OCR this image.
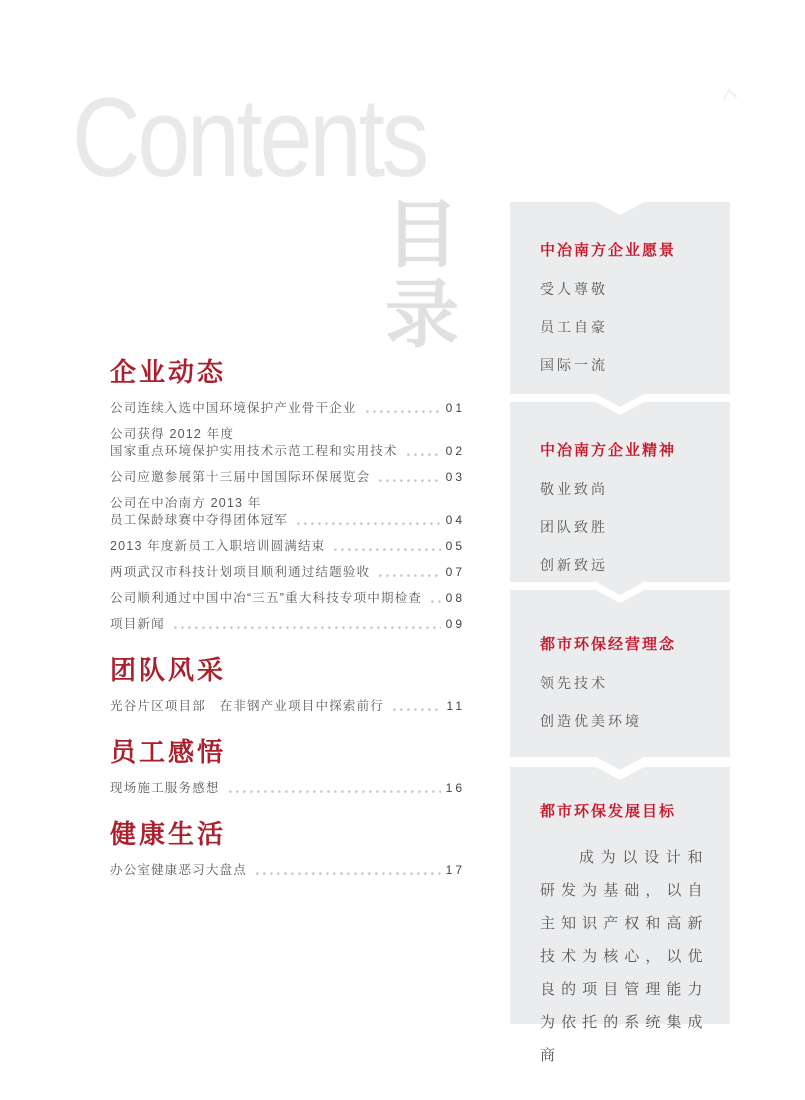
Contents
目录
企业动态
公司连续入选中国环境保护产业骨干企业	01
公司获得 2012 年度
国家重点环境保护实用技术示范工程和实用技术	02
公司应邀参展第十三届中国国际环保展览会	03
公司在中冶南方 2013 年
员工保龄球赛中夺得团体冠军	04
2013 年度新员工入职培训圆满结束	05
两项武汉市科技计划项目顺利通过结题验收	07
公司顺利通过中国中冶“三五”重大科技专项中期检查 08
项目新闻	09
团队风采
光谷片区项目部　在非钢产业项目中探索前行	11
员工感悟
现场施工服务感想	16
健康生活
办公室健康恶习大盘点	17
中冶南方企业愿景
受人尊敬
员工自豪
国际一流
中冶南方企业精神
敬业致尚
团队致胜
创新致远
都市环保经营理念
领先技术
创造优美环境
都市环保发展目标
成为以设计和研发为基础，以自主知识产权和高新技术为核心，以优良的项目管理能力为依托的系统集成商
